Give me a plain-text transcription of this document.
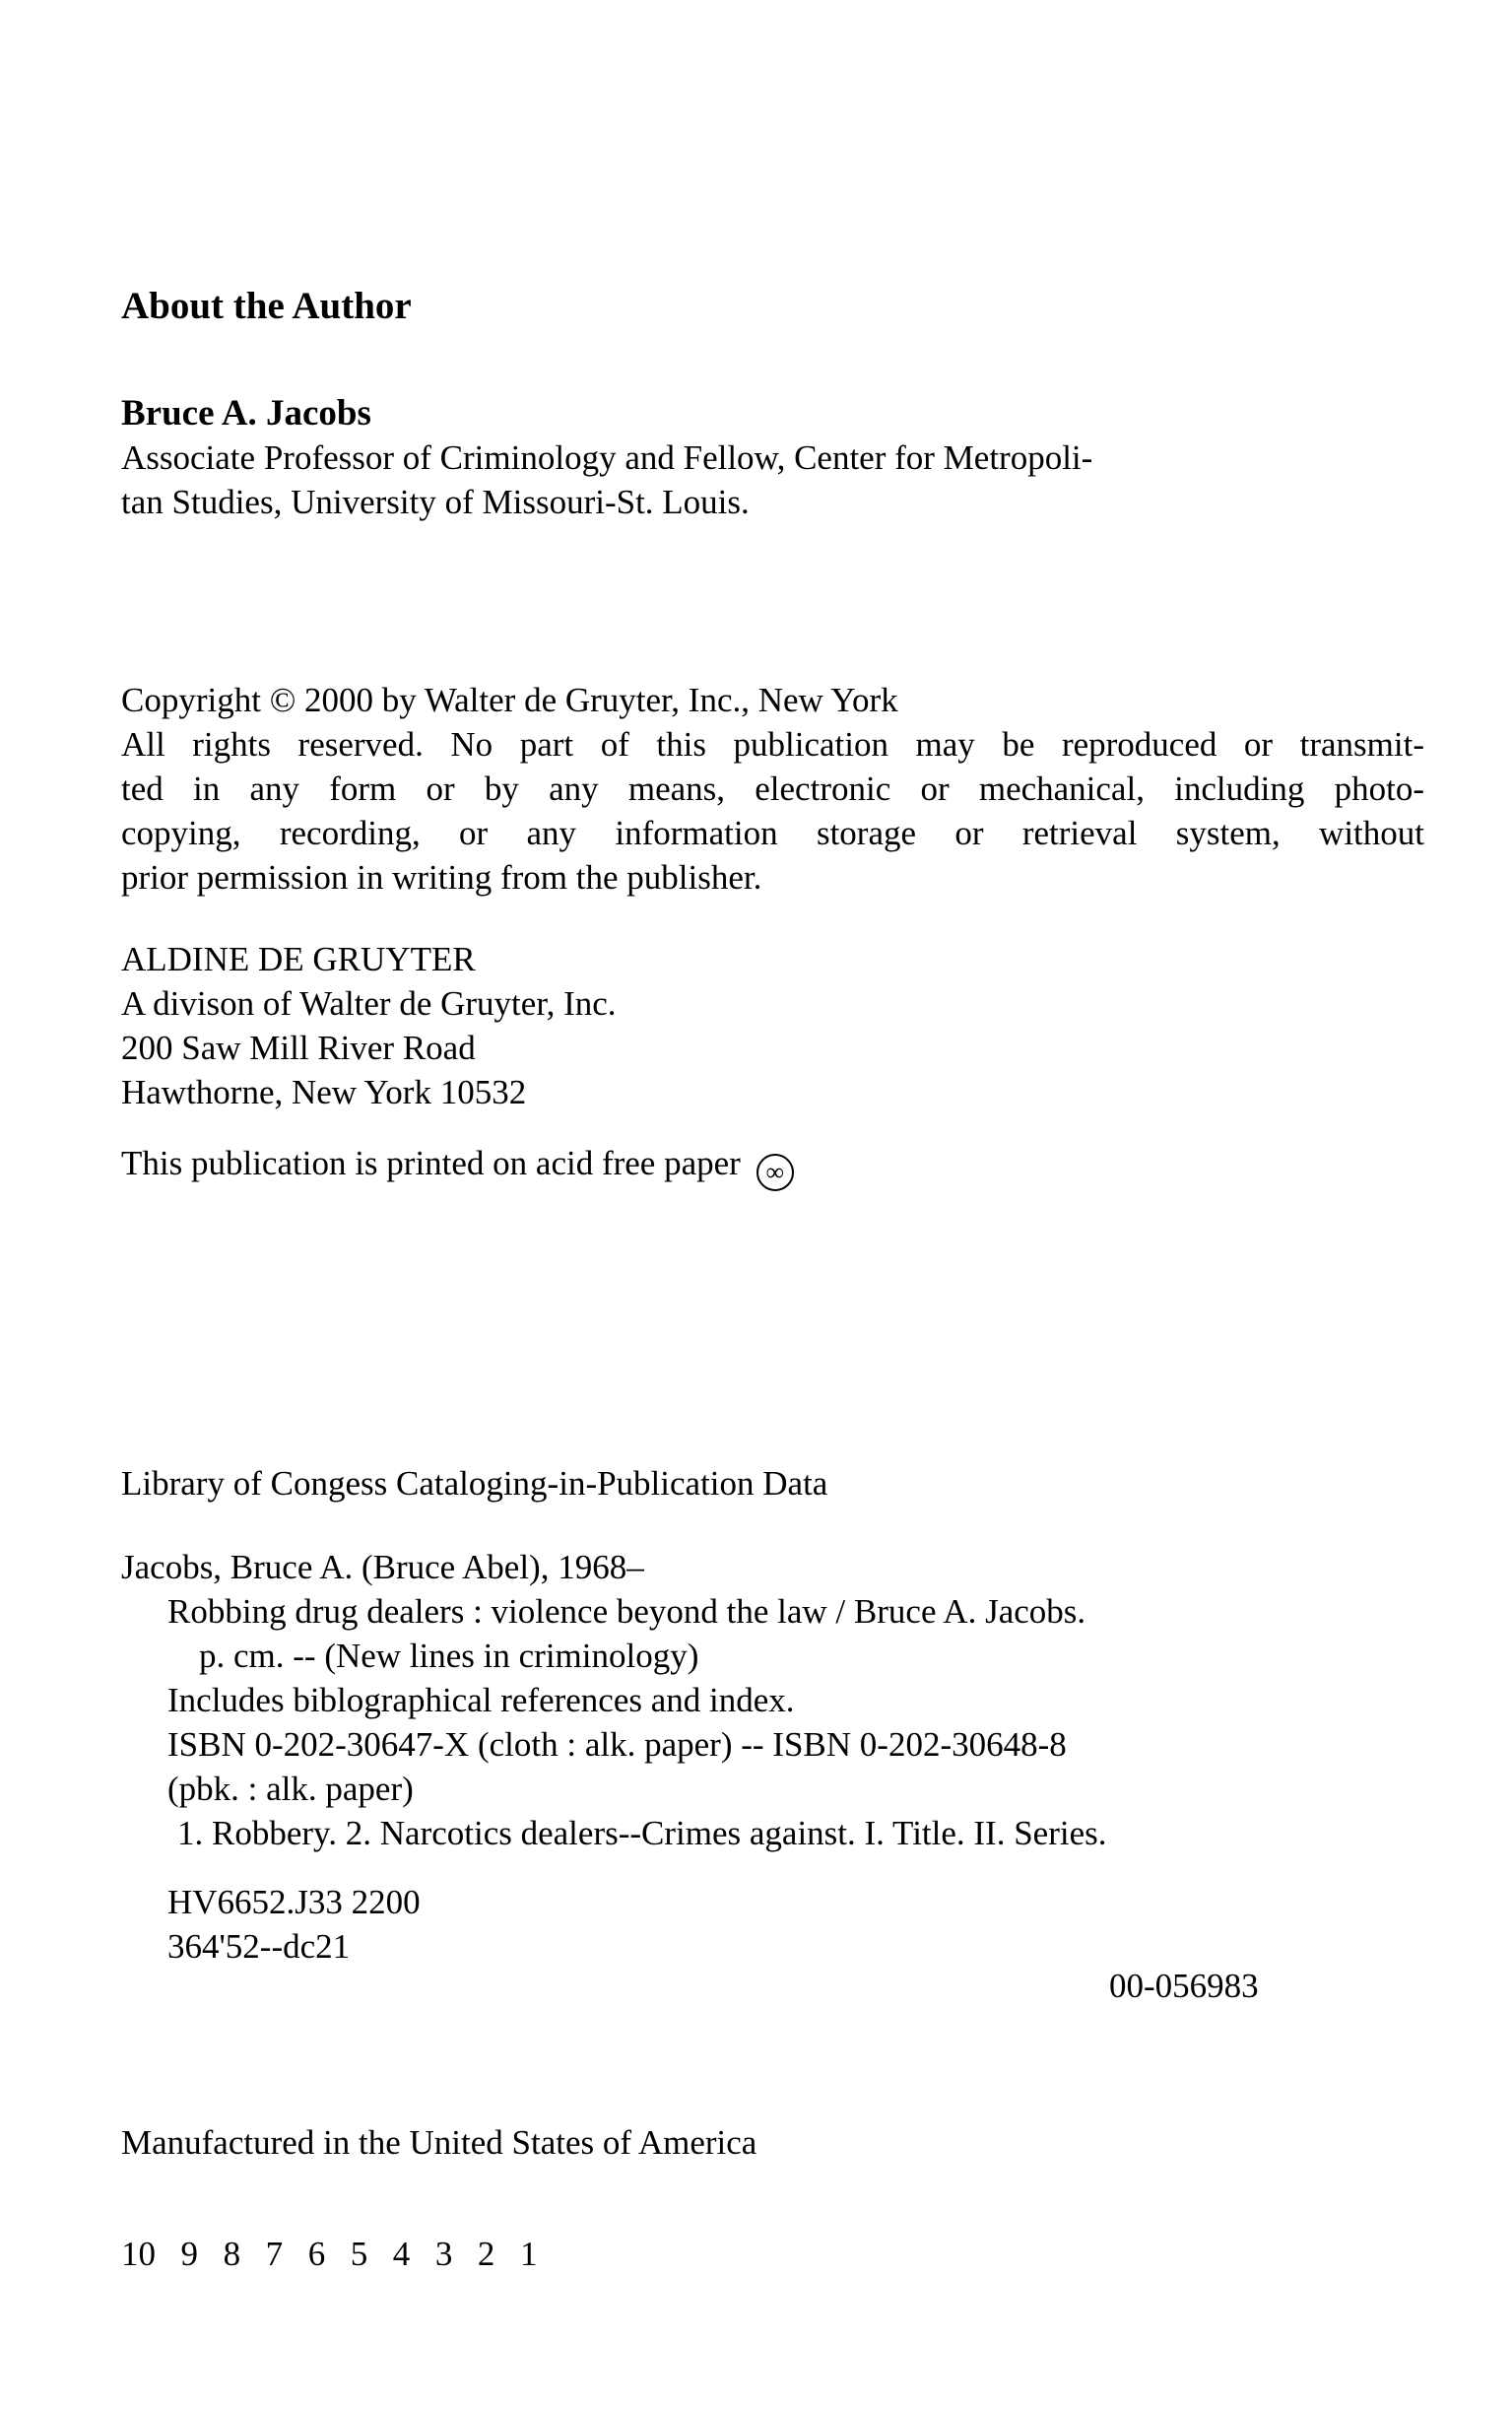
About the Author
Bruce A. Jacobs
Associate Professor of Criminology and Fellow, Center for Metropoli-
tan Studies, University of Missouri-St. Louis.
Copyright © 2000 by Walter de Gruyter, Inc., New York
All rights reserved. No part of this publication may be reproduced or transmit-
ted in any form or by any means, electronic or mechanical, including photo-
copying, recording, or any information storage or retrieval system, without
prior permission in writing from the publisher.
ALDINE DE GRUYTER
A divison of Walter de Gruyter, Inc.
200 Saw Mill River Road
Hawthorne, New York 10532
This publication is printed on acid free paper ∞
Library of Congess Cataloging-in-Publication Data
Jacobs, Bruce A. (Bruce Abel), 1968–
Robbing drug dealers : violence beyond the law / Bruce A. Jacobs.
p. cm. -- (New lines in criminology)
Includes biblographical references and index.
ISBN 0-202-30647-X (cloth : alk. paper) -- ISBN 0-202-30648-8
(pbk. : alk. paper)
1. Robbery. 2. Narcotics dealers--Crimes against. I. Title. II. Series.
HV6652.J33 2200
364'52--dc21
00-056983
Manufactured in the United States of America
10 9 8 7 6 5 4 3 2 1
